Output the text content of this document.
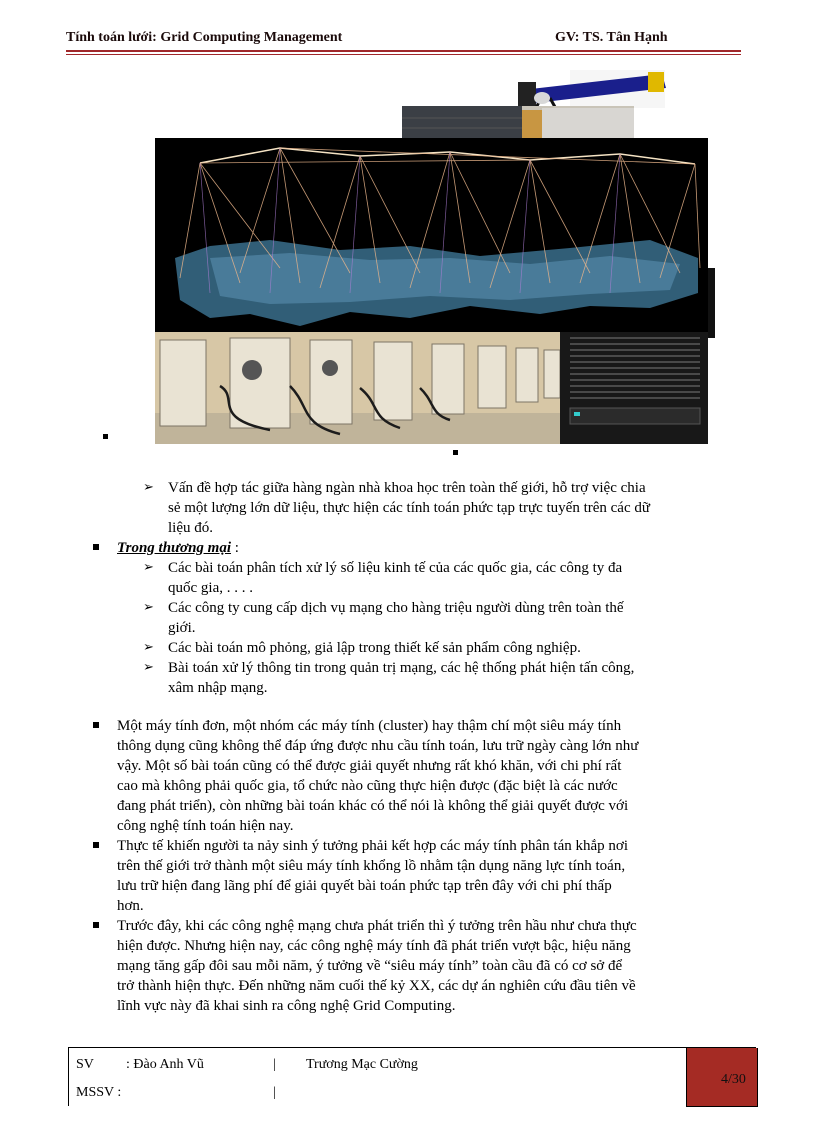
Tính toán lưới: Grid Computing Management	GV: TS. Tân Hạnh
➢ Vấn đề hợp tác giữa hàng ngàn nhà khoa học trên toàn thế giới, hỗ trợ việc chia
sẻ một lượng lớn dữ liệu, thực hiện các tính toán phức tạp trực tuyến trên các dữ
liệu đó.
Trong thương mại :
➢ Các bài toán phân tích xử lý số liệu kinh tế của các quốc gia, các công ty đa
quốc gia, . . . .
➢ Các công ty cung cấp dịch vụ mạng cho hàng triệu người dùng trên toàn thế
giới.
➢ Các bài toán mô phỏng, giả lập trong thiết kế sản phẩm công nghiệp.
➢ Bài toán xử lý thông tin trong quản trị mạng, các hệ thống phát hiện tấn công,
xâm nhập mạng.
Một máy tính đơn, một nhóm các máy tính (cluster) hay thậm chí một siêu máy tính
thông dụng cũng không thể đáp ứng được nhu cầu tính toán, lưu trữ ngày càng lớn như
vậy. Một số bài toán cũng có thể được giải quyết nhưng rất khó khăn, với chi phí rất
cao mà không phải quốc gia, tổ chức nào cũng thực hiện được (đặc biệt là các nước
đang phát triển), còn những bài toán khác có thể nói là không thể giải quyết được với
công nghệ tính toán hiện nay.
Thực tế khiến người ta nảy sinh ý tưởng phải kết hợp các máy tính phân tán khắp nơi
trên thế giới trở thành một siêu máy tính khổng lồ nhằm tận dụng năng lực tính toán,
lưu trữ hiện đang lãng phí để giải quyết bài toán phức tạp trên đây với chi phí thấp
hơn.
Trước đây, khi các công nghệ mạng chưa phát triển thì ý tưởng trên hầu như chưa thực
hiện được. Nhưng hiện nay, các công nghệ máy tính đã phát triển vượt bậc, hiệu năng
mạng tăng gấp đôi sau mỗi năm, ý tưởng về “siêu máy tính” toàn cầu đã có cơ sở để
trở thành hiện thực. Đến những năm cuối thế kỷ XX, các dự án nghiên cứu đầu tiên về
lĩnh vực này đã khai sinh ra công nghệ Grid Computing.
SV : Đào Anh Vũ	| Trương Mạc Cường
MSSV :	|
4/30
